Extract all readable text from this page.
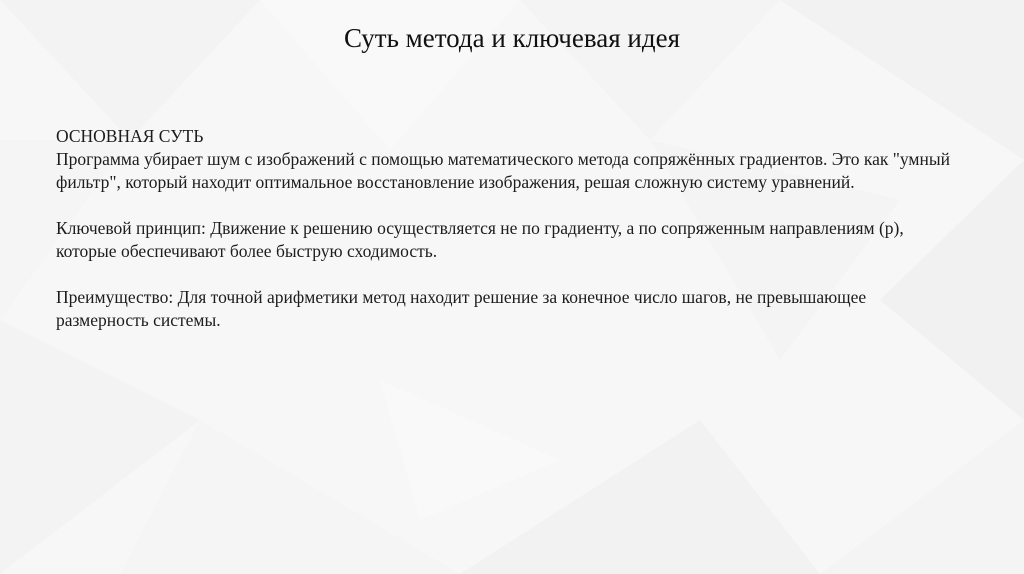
Суть метода и ключевая идея

ОСНОВНАЯ СУТЬ

Программа убирает шум с изображений с помощью математического метода сопряжённых градиентов. Это как "умный фильтр", который находит оптимальное восстановление изображения, решая сложную систему уравнений.

Ключевой принцип: Движение к решению осуществляется не по градиенту, а по сопряженным направлениям (p), которые обеспечивают более быструю сходимость.

Преимущество: Для точной арифметики метод находит решение за конечное число шагов, не превышающее размерность системы.
